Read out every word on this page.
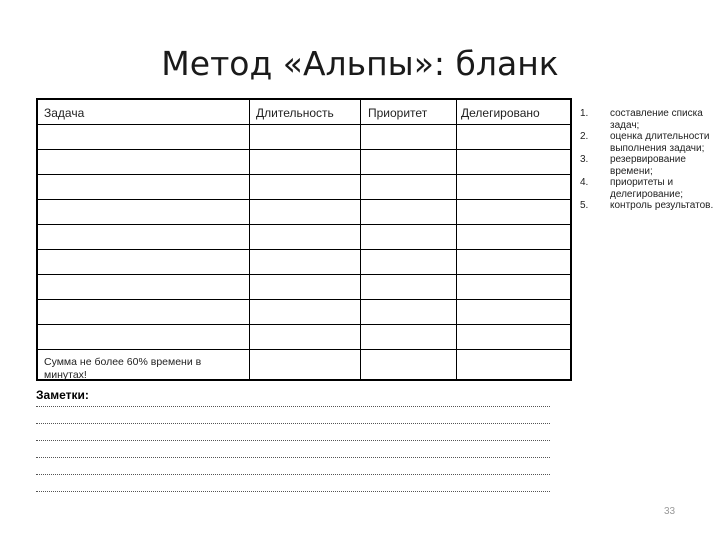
Метод «Альпы»: бланк
Задача	Длительность	Приоритет	Делегировано
Сумма не более 60% времени в минутах!
Заметки:
1.	составление списка задач;
2.	оценка длительности выполнения задачи;
3.	резервирование времени;
4.	приоритеты и делегирование;
5.	контроль результатов.
33
